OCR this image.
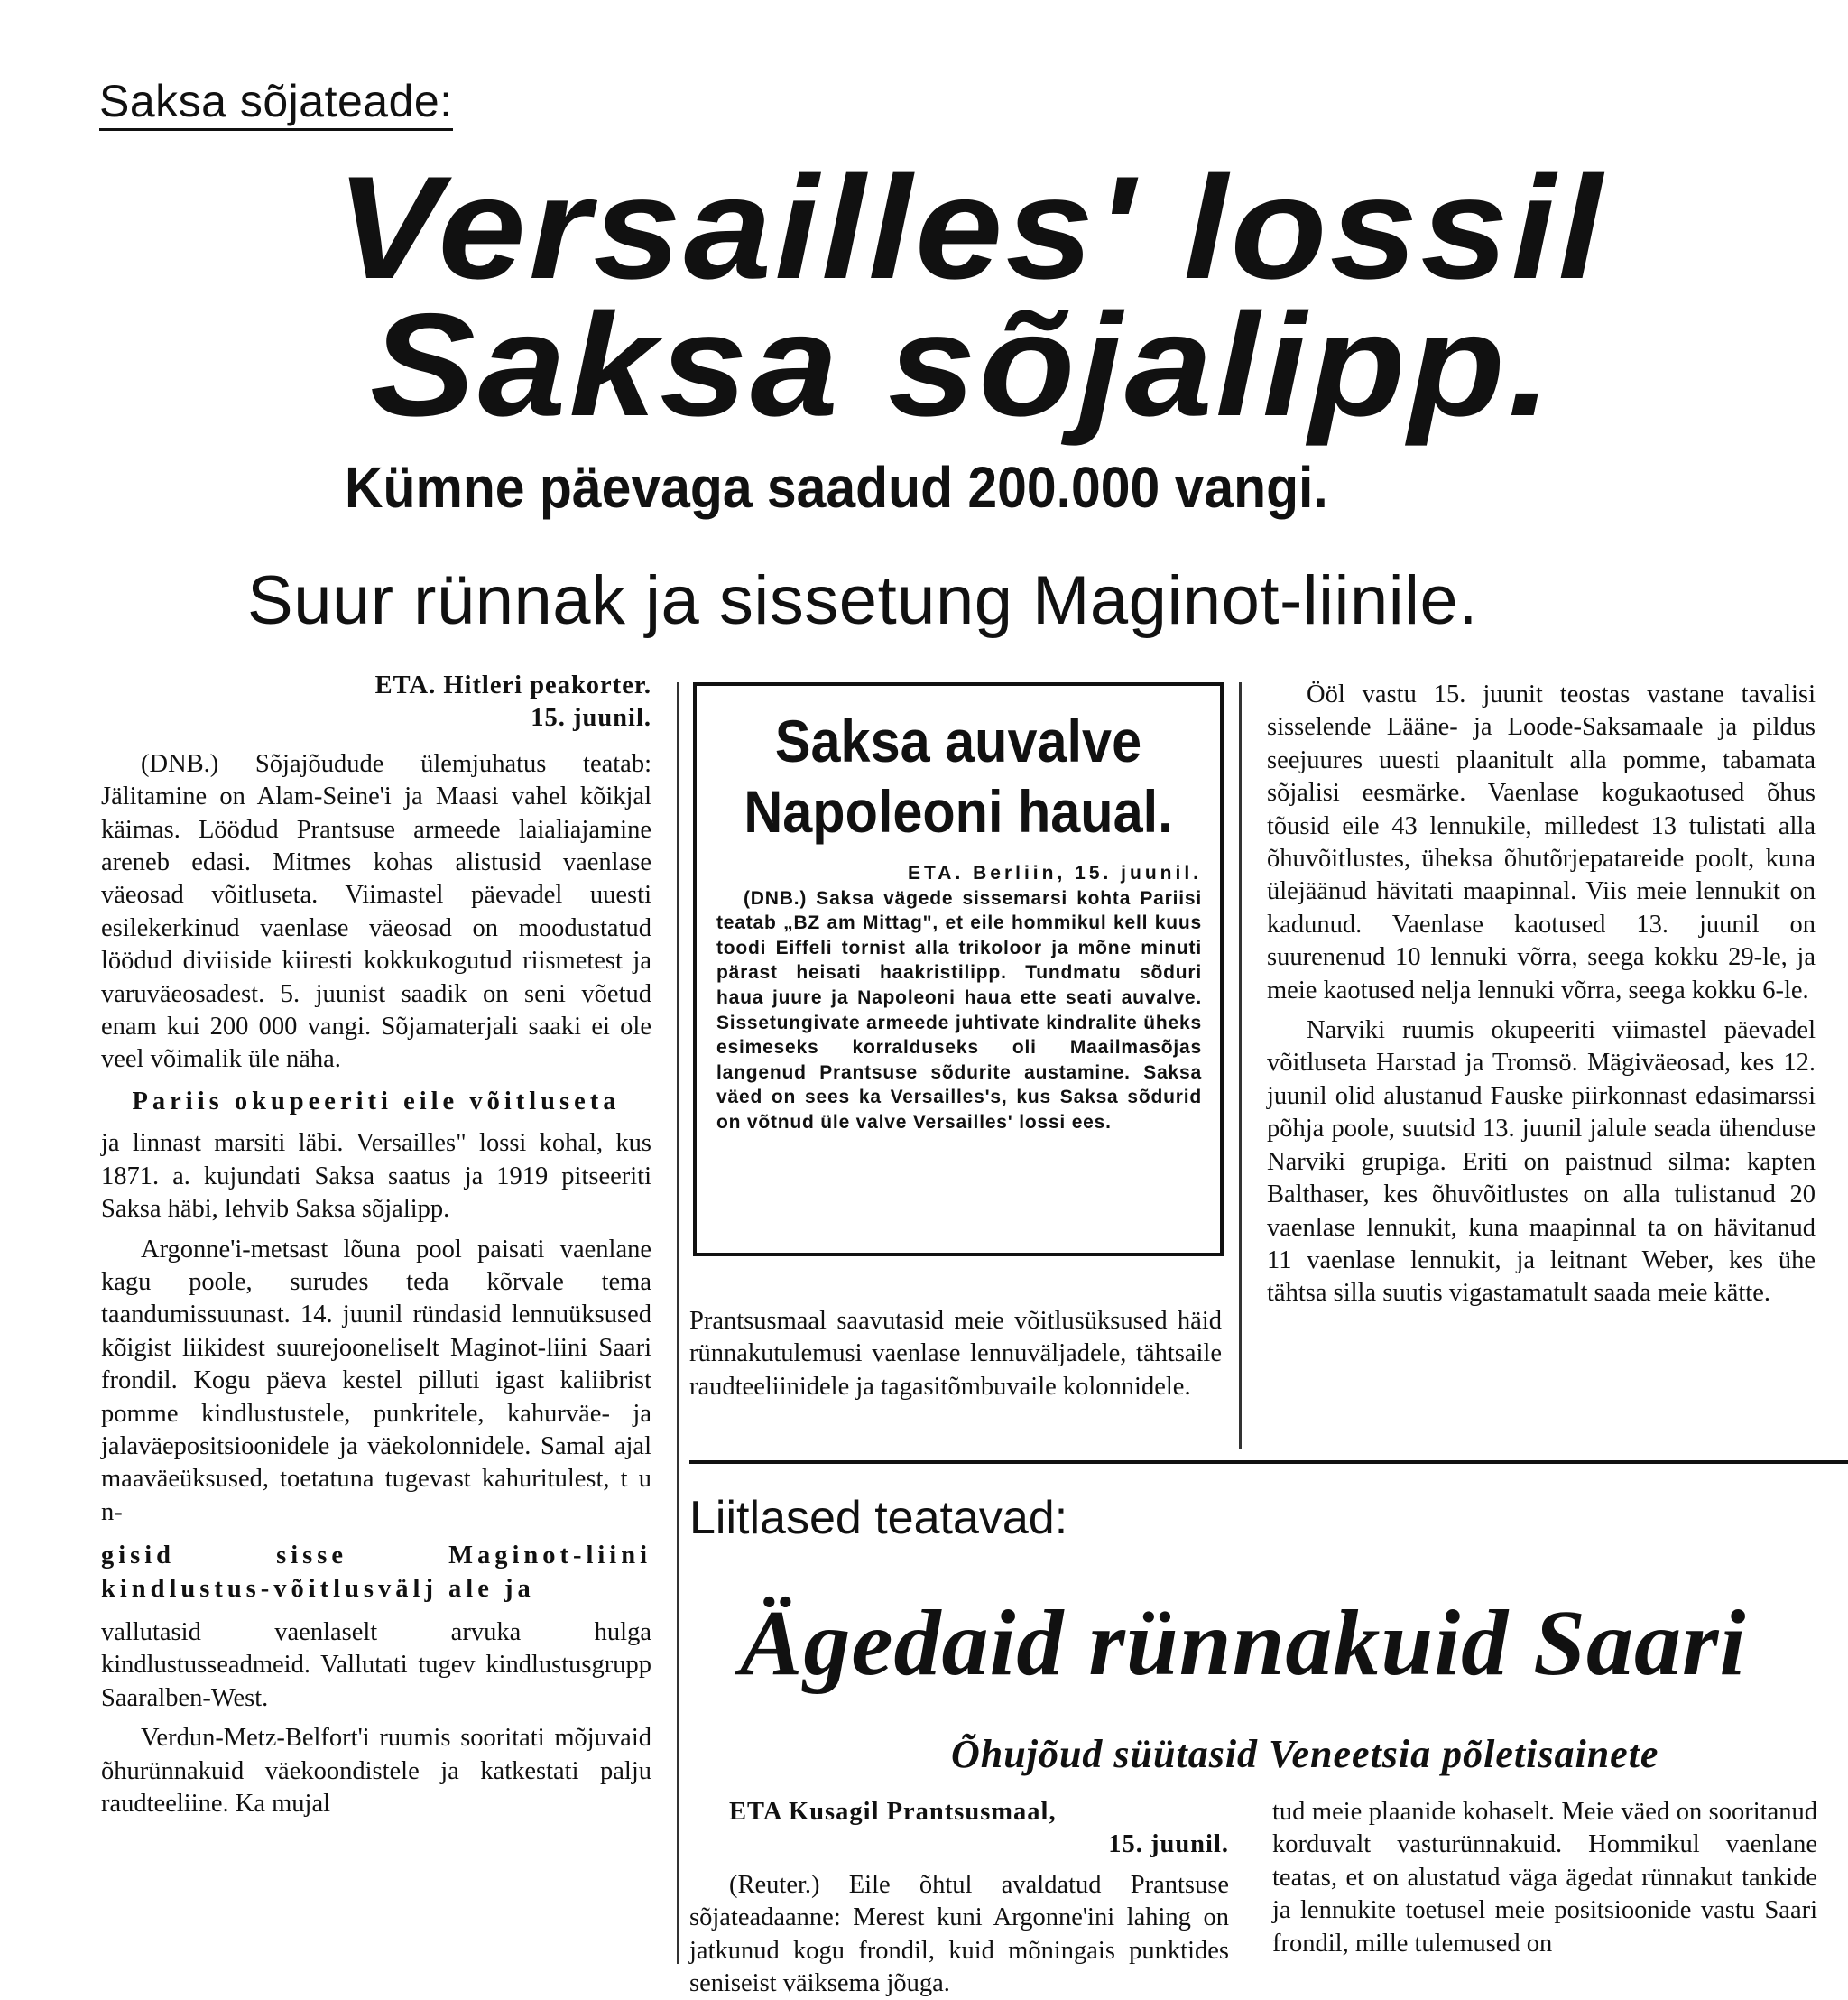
Saksa sõjateade:
Versailles' lossil
Saksa sõjalipp.
Kümne päevaga saadud 200.000 vangi.
Suur rünnak ja sissetung Maginot-liinile.

ETA. Hitleri peakorter.
15. juunil.

(DNB.) Sõjajõudude ülemjuhatus teatab: Jälitamine on Alam-Seine'i ja Maasi vahel kõikjal käimas. Löödud Prantsuse armeede laialiajamine areneb edasi. Mitmes kohas alistusid vaenlase väeosad võitluseta. Viimastel päevadel uuesti esilekerkinud vaenlase väeosad on moodustatud löödud diviiside kiiresti kokkukogutud riismetest ja varuväeosadest. 5. juunist saadik on seni võetud enam kui 200 000 vangi. Sõjamaterjali saaki ei ole veel võimalik üle näha.

Pariis okupeeriti eile võitluseta

ja linnast marsiti läbi. Versailles" lossi kohal, kus 1871. a. kujundati Saksa saatus ja 1919 pitseeriti Saksa häbi, lehvib Saksa sõjalipp.

Argonne'i-metsast lõuna pool paisati vaenlane kagu poole, surudes teda kõrvale tema taandumissuunast. 14. juunil ründasid lennuüksused kõigist liikidest suurejooneliselt Maginot-liini Saari frondil. Kogu päeva kestel pilluti igast kaliibrist pomme kindlustustele, punkritele, kahurväe- ja jalaväepositsioonidele ja väekolonnidele. Samal ajal maaväeüksused, toetatuna tugevast kahuritulest, t u n-

gisid sisse Maginot-liini kindlustus-võitlusvälj ale ja

vallutasid vaenlaselt arvuka hulga kindlustusseadmeid. Vallutati tugev kindlustusgrupp Saaralben-West.

Verdun-Metz-Belfort'i ruumis sooritati mõjuvaid õhurünnakuid väekoondistele ja katkestati palju raudteeliine. Ka mujal

Saksa auvalve
Napoleoni haual.

ETA. Berliin, 15. juunil.

(DNB.) Saksa vägede sissemarsi kohta Pariisi teatab „BZ am Mittag", et eile hommikul kell kuus toodi Eiffeli tornist alla trikoloor ja mõne minuti pärast heisati haakristilipp. Tundmatu sõduri haua juure ja Napoleoni haua ette seati auvalve. Sissetungivate armeede juhtivate kindralite üheks esimeseks korralduseks oli Maailmasõjas langenud Prantsuse sõdurite austamine. Saksa väed on sees ka Versailles's, kus Saksa sõdurid on võtnud üle valve Versailles' lossi ees.

Prantsusmaal saavutasid meie võitlusüksused häid rünnakutulemusi vaenlase lennuväljadele, tähtsaile raudteeliinidele ja tagasitõmbuvaile kolonnidele.

Ööl vastu 15. juunit teostas vastane tavalisi sisselende Lääne- ja Loode-Saksamaale ja pildus seejuures uuesti plaanitult alla pomme, tabamata sõjalisi eesmärke. Vaenlase kogukaotused õhus tõusid eile 43 lennukile, milledest 13 tulistati alla õhuvõitlustes, üheksa õhutõrjepatareide poolt, kuna ülejäänud hävitati maapinnal. Viis meie lennukit on kadunud. Vaenlase kaotused 13. juunil on suurenenud 10 lennuki võrra, seega kokku 29-le, ja meie kaotused nelja lennuki võrra, seega kokku 6-le.

Narviki ruumis okupeeriti viimastel päevadel võitluseta Harstad ja Tromsö. Mägiväeosad, kes 12. juunil olid alustanud Fauske piirkonnast edasimarssi põhja poole, suutsid 13. juunil jalule seada ühenduse Narviki grupiga. Eriti on paistnud silma: kapten Balthaser, kes õhuvõitlustes on alla tulistanud 20 vaenlase lennukit, kuna maapinnal ta on hävitanud 11 vaenlase lennukit, ja leitnant Weber, kes ühe tähtsa silla suutis vigastamatult saada meie kätte.

Liitlased teatavad:
Ägedaid rünnakuid Saari
Õhujõud süütasid Veneetsia põletisainete

ETA Kusagil Prantsusmaal,

15. juunil.

(Reuter.) Eile õhtul avaldatud Prantsuse sõjateadaanne: Merest kuni Argonne'ini lahing on jatkunud kogu frondil, kuid mõningais punktides seniseist väiksema jõuga.

tud meie plaanide kohaselt. Meie väed on sooritanud korduvalt vasturünnakuid. Hommikul vaenlane teatas, et on alustatud väga ägedat rünnakut tankide ja lennukite toetusel meie positsioonide vastu Saari frondil, mille tulemused on
